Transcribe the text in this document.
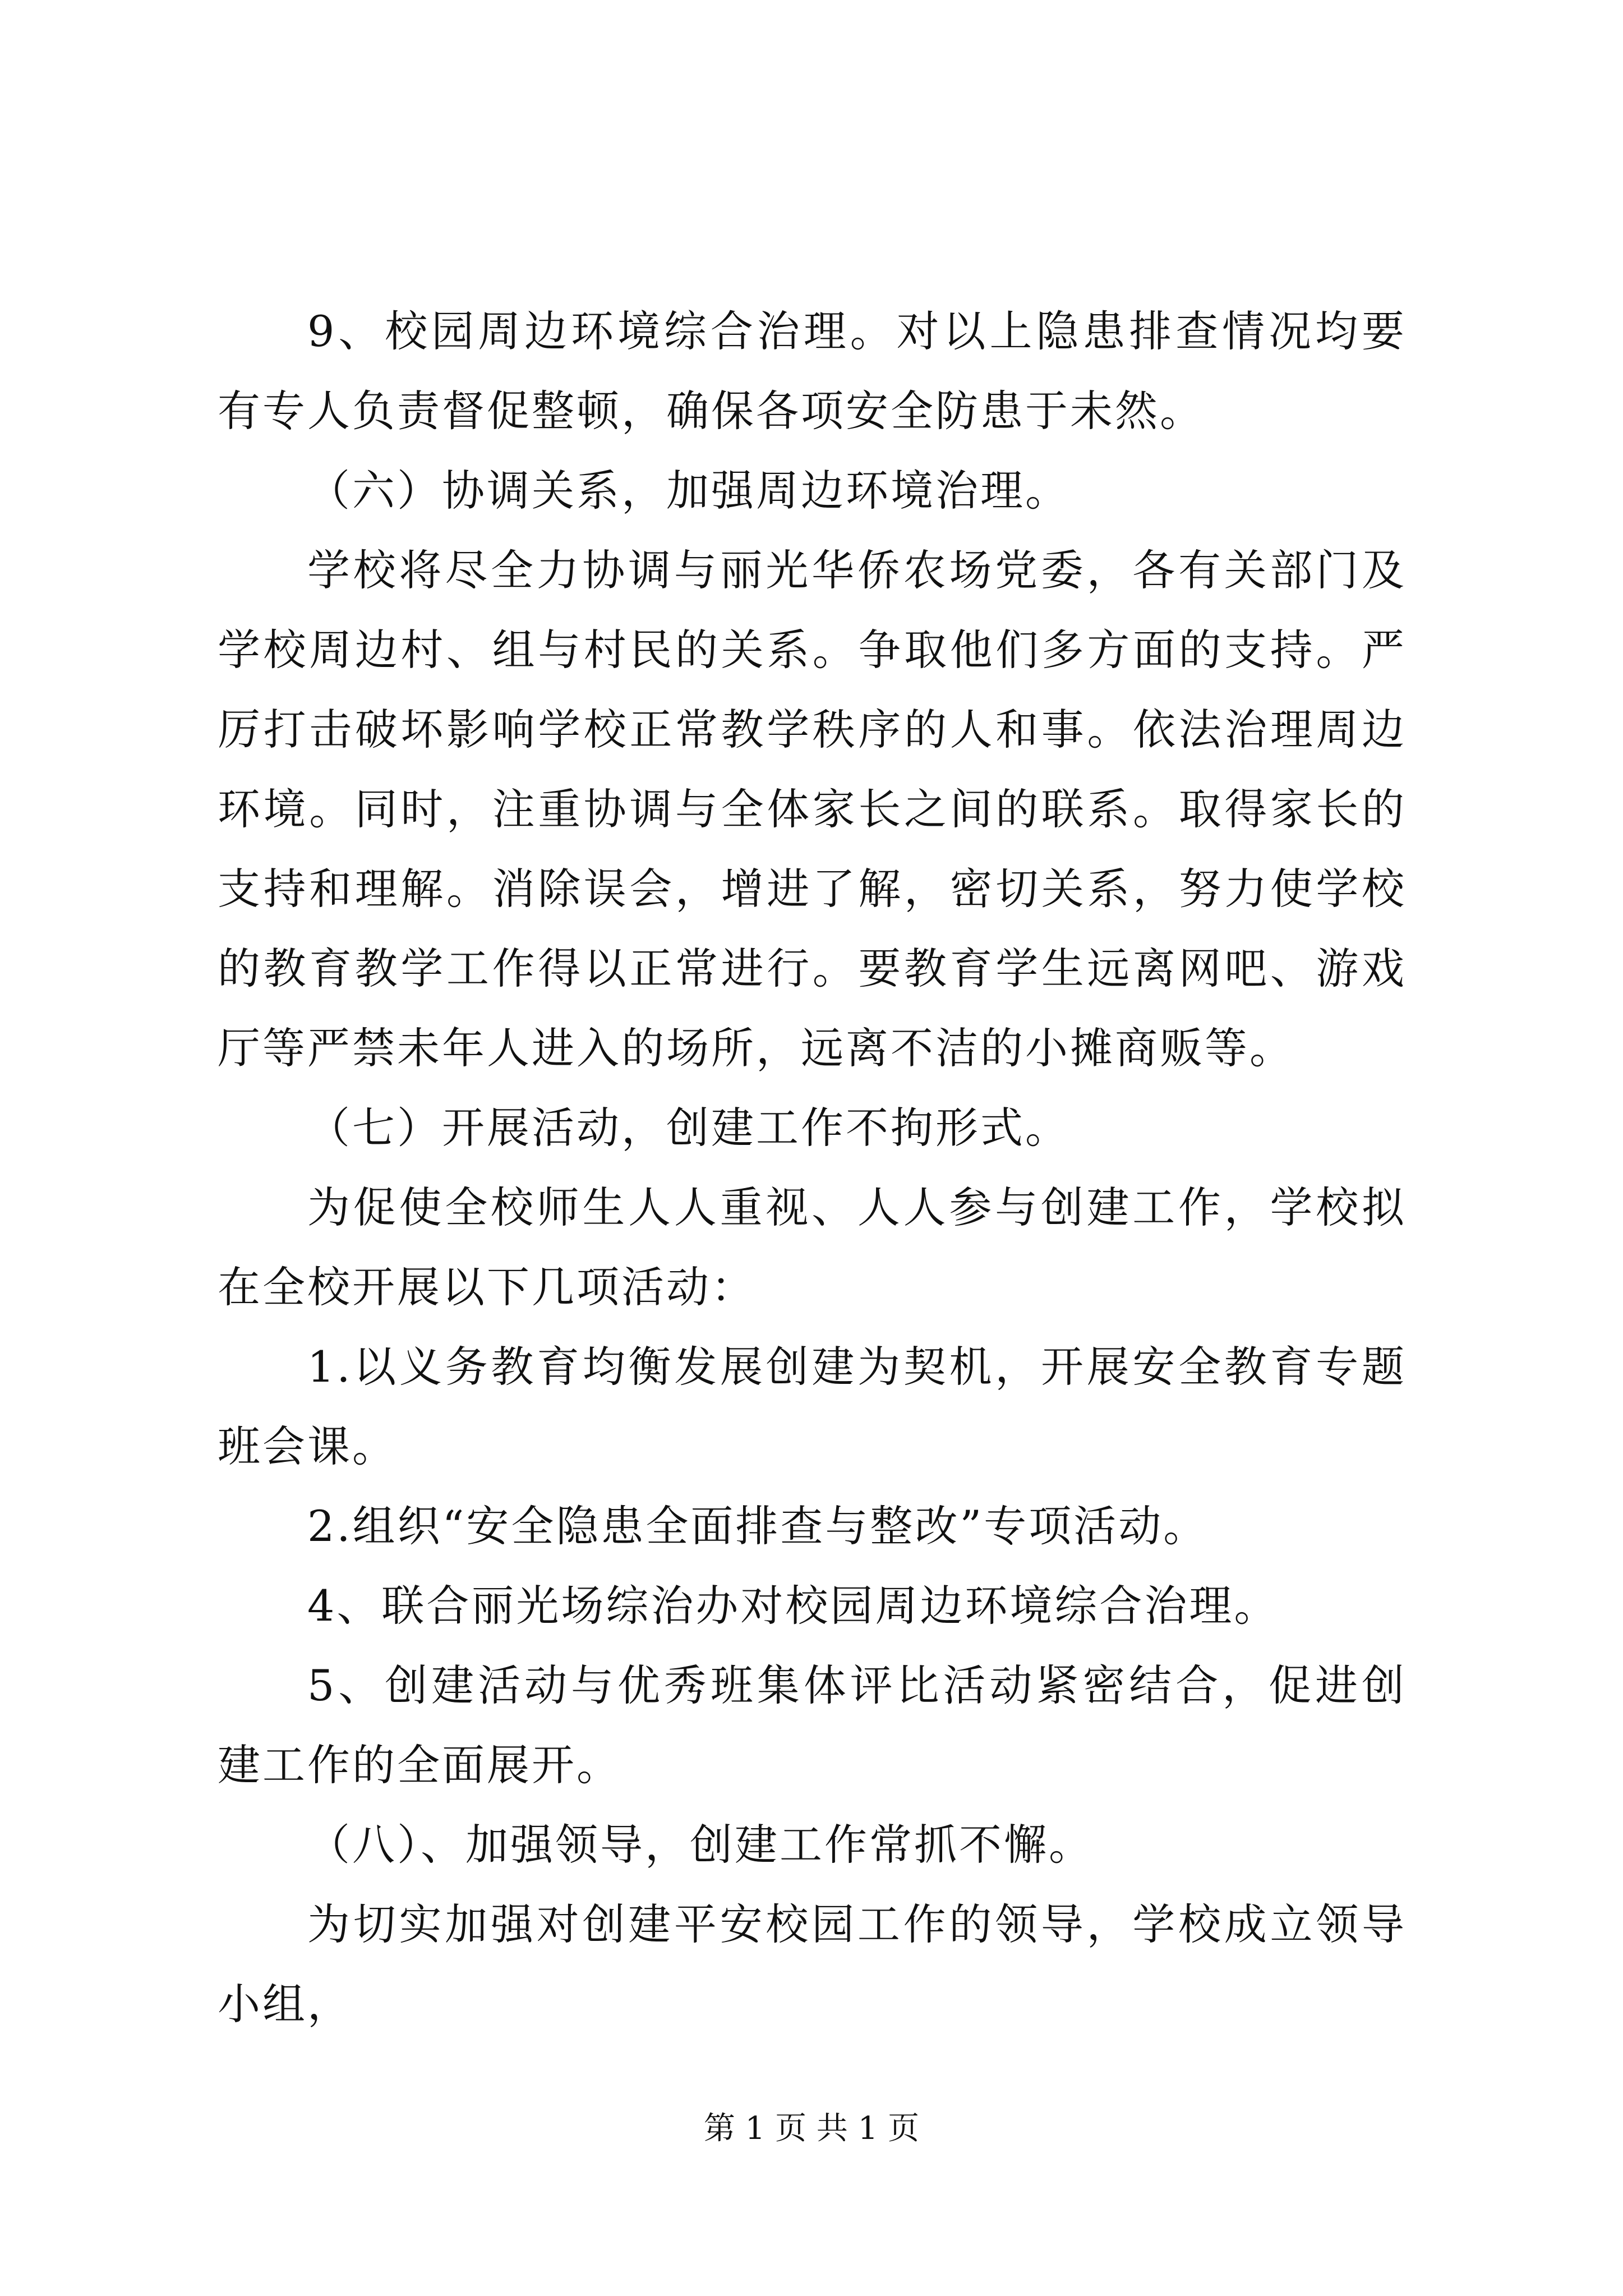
9、校园周边环境综合治理。对以上隐患排查情况均要有专人负责督促整顿，确保各项安全防患于未然。

（六）协调关系，加强周边环境治理。

学校将尽全力协调与丽光华侨农场党委，各有关部门及学校周边村、组与村民的关系。争取他们多方面的支持。严厉打击破坏影响学校正常教学秩序的人和事。依法治理周边环境。同时，注重协调与全体家长之间的联系。取得家长的支持和理解。消除误会，增进了解，密切关系，努力使学校的教育教学工作得以正常进行。要教育学生远离网吧、游戏厅等严禁未年人进入的场所，远离不洁的小摊商贩等。

（七）开展活动，创建工作不拘形式。

为促使全校师生人人重视、人人参与创建工作，学校拟在全校开展以下几项活动：

1.以义务教育均衡发展创建为契机，开展安全教育专题班会课。

2.组织“安全隐患全面排查与整改”专项活动。

4、联合丽光场综治办对校园周边环境综合治理。

5、创建活动与优秀班集体评比活动紧密结合，促进创建工作的全面展开。

（八）、加强领导，创建工作常抓不懈。

为切实加强对创建平安校园工作的领导，学校成立领导小组，

第 1 页 共 1 页
